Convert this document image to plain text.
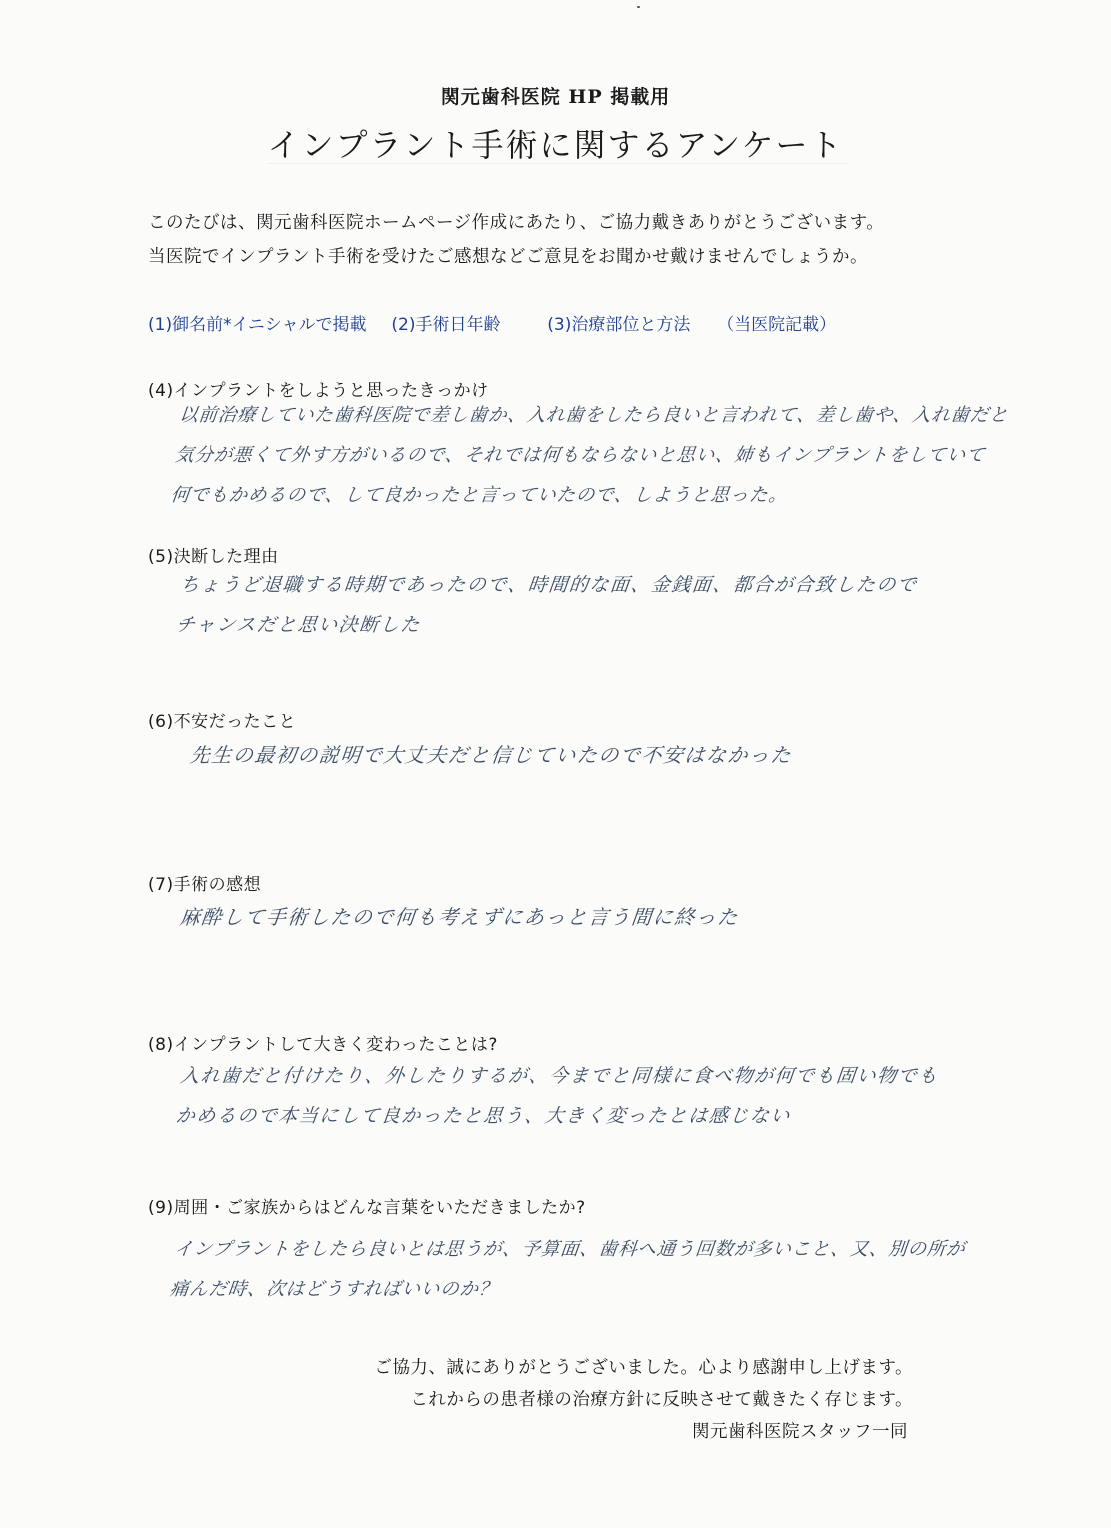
関元歯科医院 HP 掲載用
インプラント手術に関するアンケート
このたびは、関元歯科医院ホームページ作成にあたり、ご協力戴きありがとうございます。
当医院でインプラント手術を受けたご感想などご意見をお聞かせ戴けませんでしょうか。
(1)御名前*イニシャルで掲載 (2)手術日年齢	(3)治療部位と方法 （当医院記載）
(4)インプラントをしようと思ったきっかけ
以前治療していた歯科医院で差し歯か、入れ歯をしたら良いと言われて、差し歯や、入れ歯だと
気分が悪くて外す方がいるので、それでは何もならないと思い、姉もインプラントをしていて
何でもかめるので、して良かったと言っていたので、しようと思った。
(5)決断した理由
ちょうど退職する時期であったので、時間的な面、金銭面、都合が合致したので
チャンスだと思い決断した
(6)不安だったこと
先生の最初の説明で大丈夫だと信じていたので不安はなかった
(7)手術の感想
麻酔して手術したので何も考えずにあっと言う間に終った
(8)インプラントして大きく変わったことは?
入れ歯だと付けたり、外したりするが、今までと同様に食べ物が何でも固い物でも
かめるので本当にして良かったと思う、大きく変ったとは感じない
(9)周囲・ご家族からはどんな言葉をいただきましたか?
インプラントをしたら良いとは思うが、予算面、歯科へ通う回数が多いこと、又、別の所が
痛んだ時、次はどうすればいいのか？
ご協力、誠にありがとうございました。心より感謝申し上げます。
これからの患者様の治療方針に反映させて戴きたく存じます。
関元歯科医院スタッフ一同
